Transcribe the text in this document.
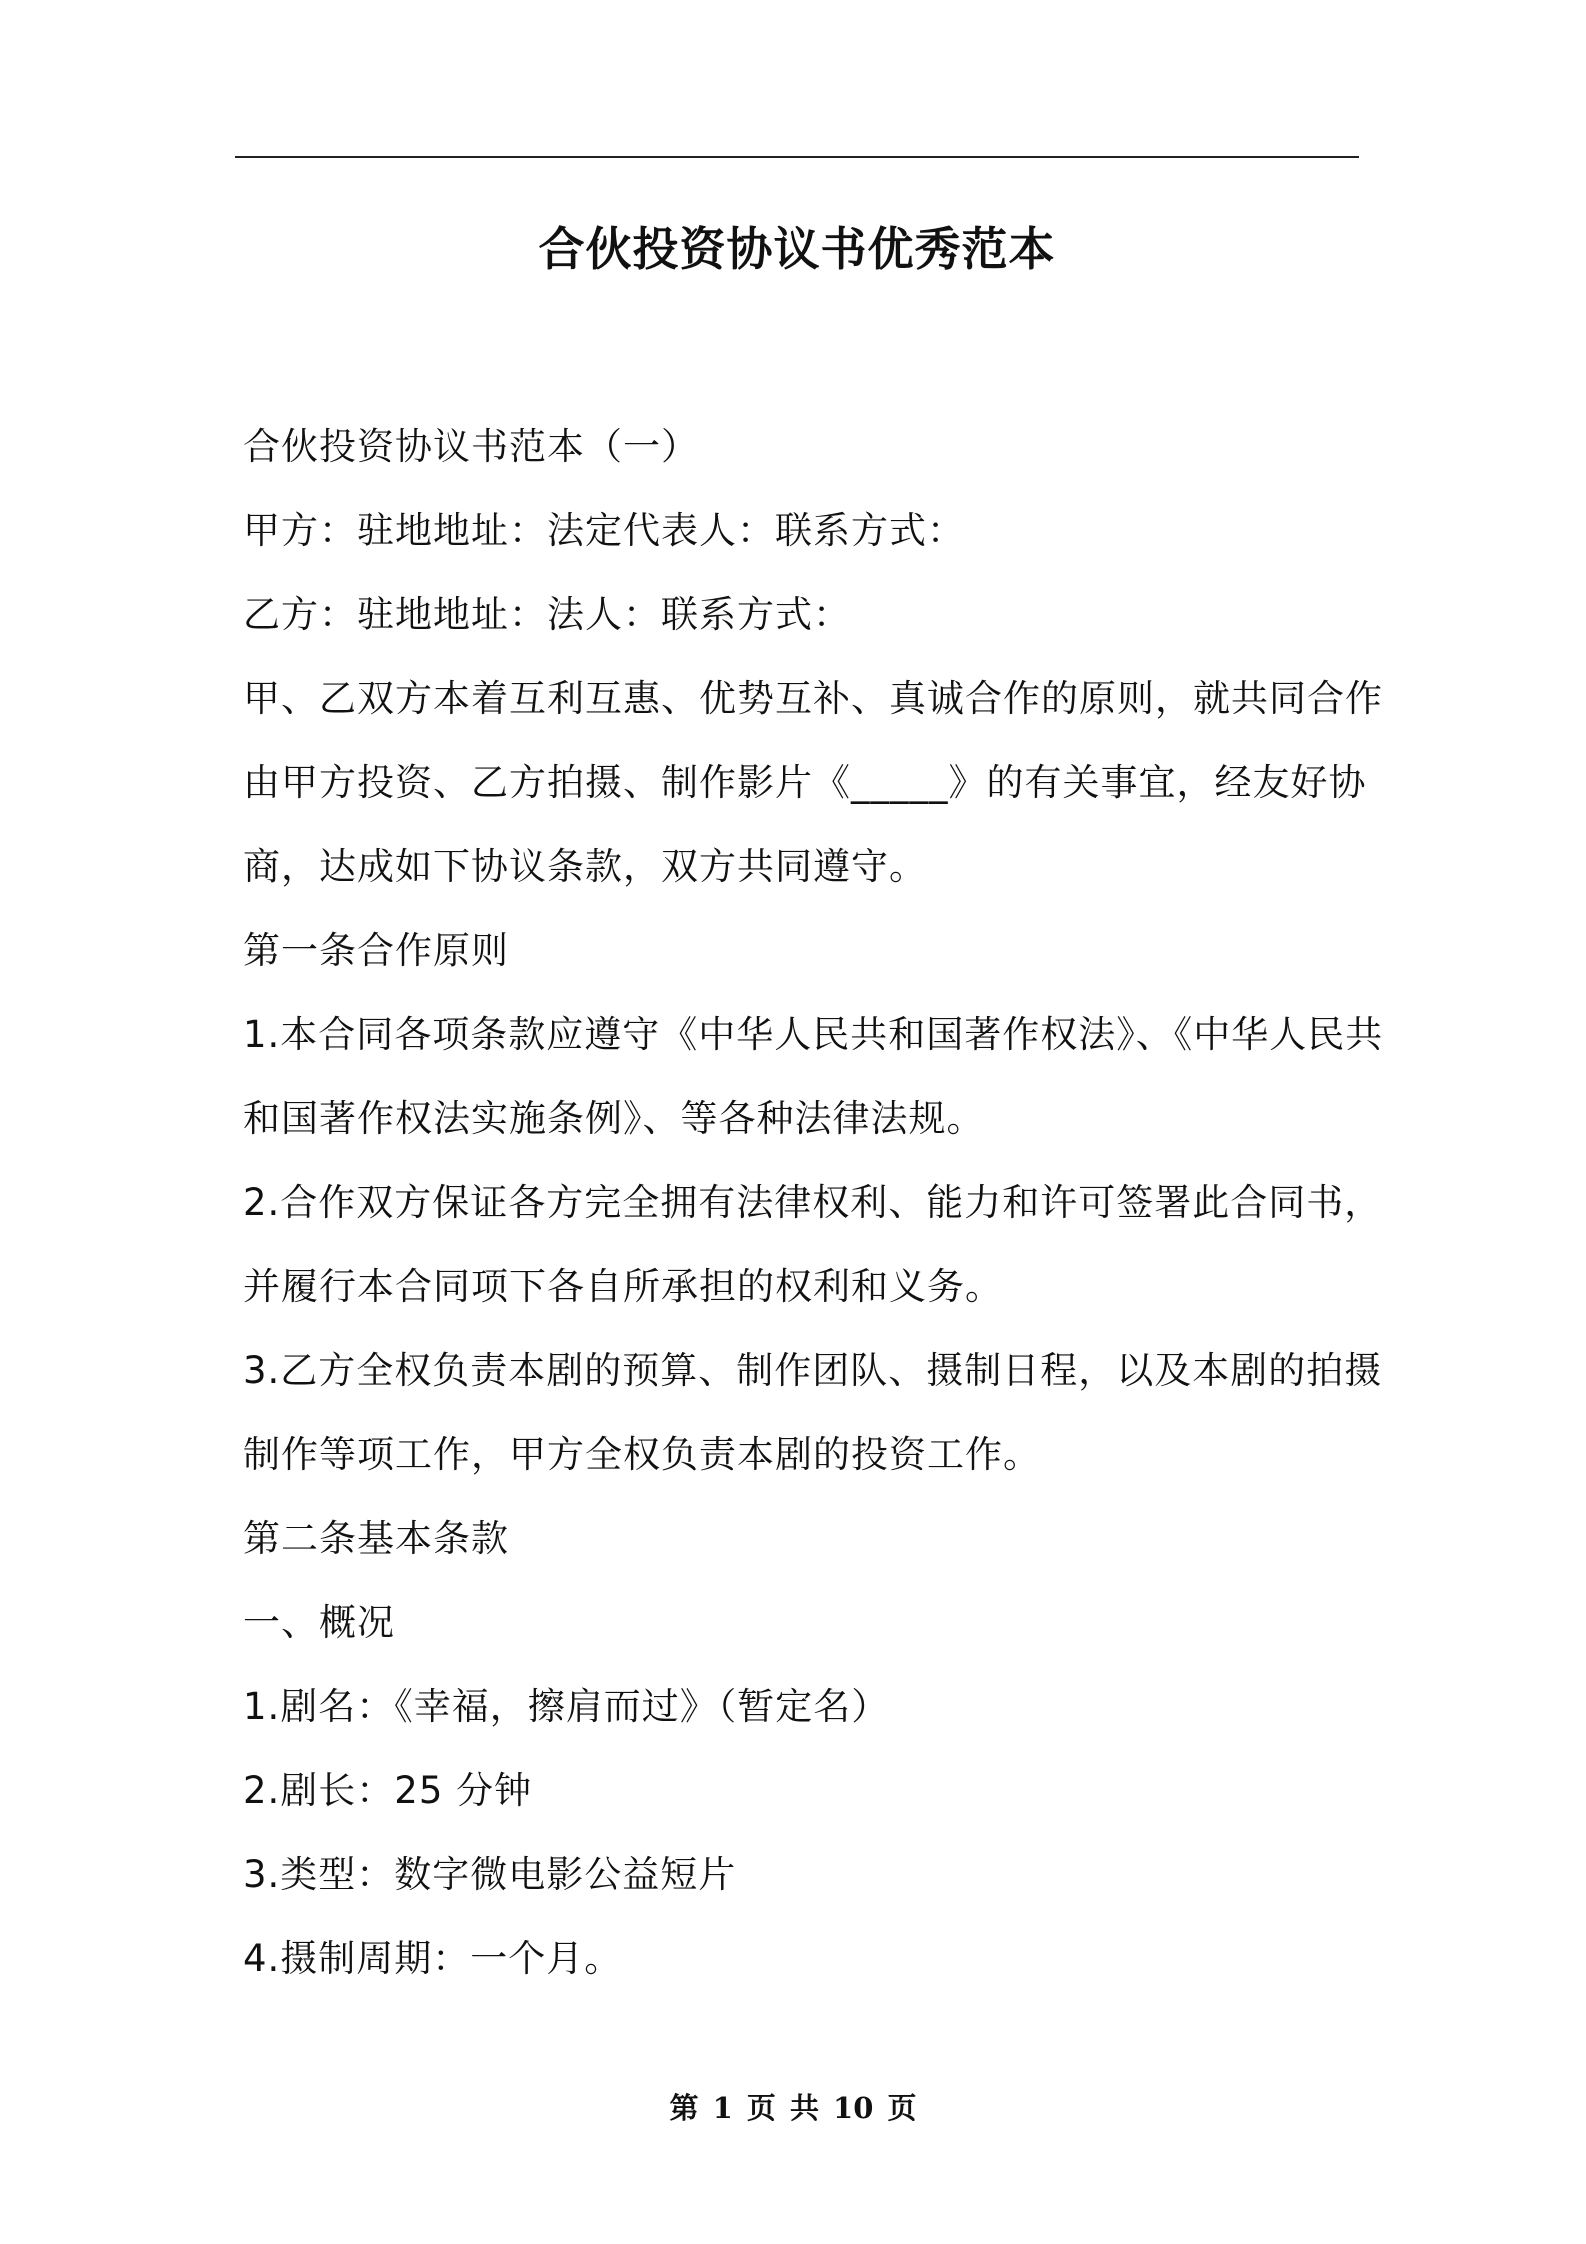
合伙投资协议书优秀范本

合伙投资协议书范本（一）

甲方：驻地地址：法定代表人：联系方式：

乙方：驻地地址：法人：联系方式：

甲、乙双方本着互利互惠、优势互补、真诚合作的原则，就共同合作

由甲方投资、乙方拍摄、制作影片《_____》的有关事宜，经友好协

商，达成如下协议条款，双方共同遵守。

第一条合作原则

1.本合同各项条款应遵守《中华人民共和国著作权法》、《中华人民共

和国著作权法实施条例》、等各种法律法规。

2.合作双方保证各方完全拥有法律权利、能力和许可签署此合同书，

并履行本合同项下各自所承担的权利和义务。

3.乙方全权负责本剧的预算、制作团队、摄制日程，以及本剧的拍摄

制作等项工作，甲方全权负责本剧的投资工作。

第二条基本条款

一、概况

1.剧名：《幸福，擦肩而过》（暂定名）

2.剧长：25 分钟

3.类型：数字微电影公益短片

4.摄制周期：一个月。

第 1 页 共 10 页
